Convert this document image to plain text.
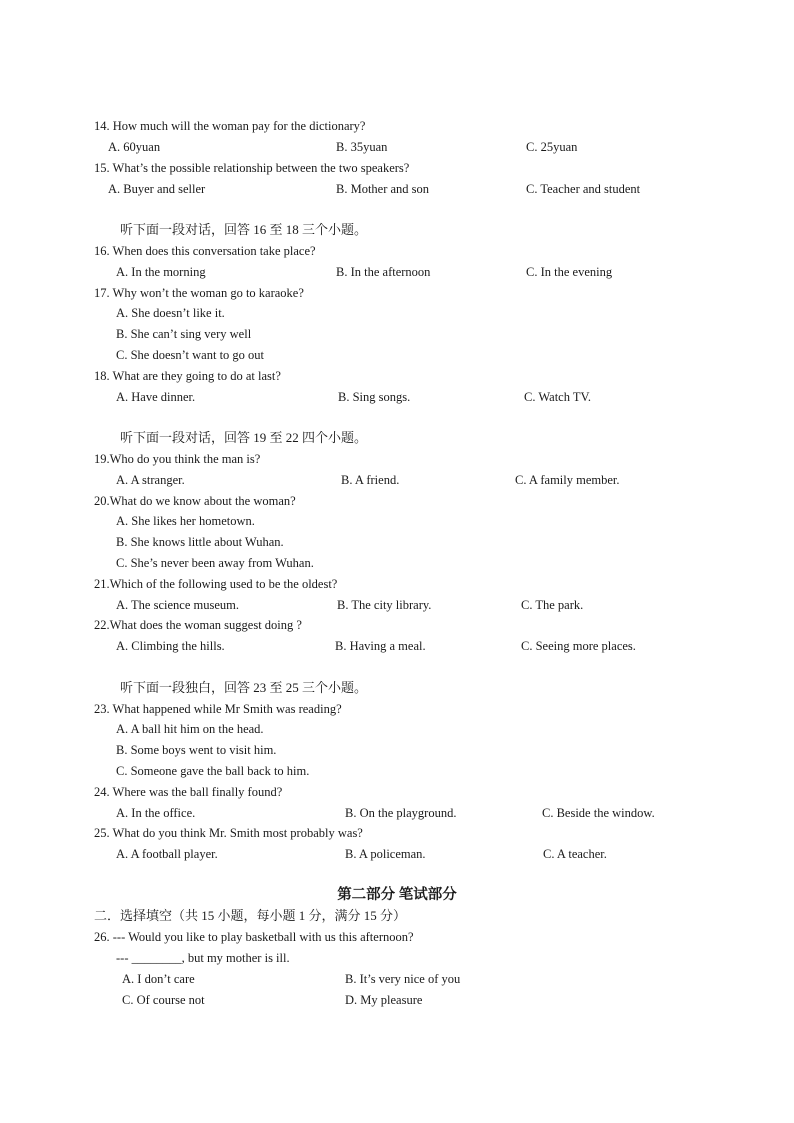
14. How much will the woman pay for the dictionary?
A. 60yuan	B. 35yuan	C. 25yuan
15. What’s the possible relationship between the two speakers?
A. Buyer and seller	B. Mother and son	C. Teacher and student
听下面一段对话，回答 16 至 18 三个小题。
16. When does this conversation take place?
A. In the morning	B. In the afternoon	C. In the evening
17. Why won’t the woman go to karaoke?
A. She doesn’t like it.
B. She can’t sing very well
C. She doesn’t want to go out
18. What are they going to do at last?
A. Have dinner.	B. Sing songs.	C. Watch TV.
听下面一段对话，回答 19 至 22 四个小题。
19.Who do you think the man is?
A. A stranger.	B. A friend.	C. A family member.
20.What do we know about the woman?
A. She likes her hometown.
B. She knows little about Wuhan.
C. She’s never been away from Wuhan.
21.Which of the following used to be the oldest?
A. The science museum.	B. The city library.	C. The park.
22.What does the woman suggest doing ?
A. Climbing the hills.	B. Having a meal.	C. Seeing more places.
听下面一段独白，回答 23 至 25 三个小题。
23. What happened while Mr Smith was reading?
A. A ball hit him on the head.
B. Some boys went to visit him.
C. Someone gave the ball back to him.
24. Where was the ball finally found?
A. In the office.	B. On the playground.	C. Beside the window.
25. What do you think Mr. Smith most probably was?
A. A football player.	B. A policeman.	C. A teacher.
第二部分 笔试部分
二．选择填空（共 15 小题，每小题 1 分，满分 15 分）
26. --- Would you like to play basketball with us this afternoon?
--- ________, but my mother is ill.
A. I don’t care	B. It’s very nice of you
C. Of course not	D. My pleasure
